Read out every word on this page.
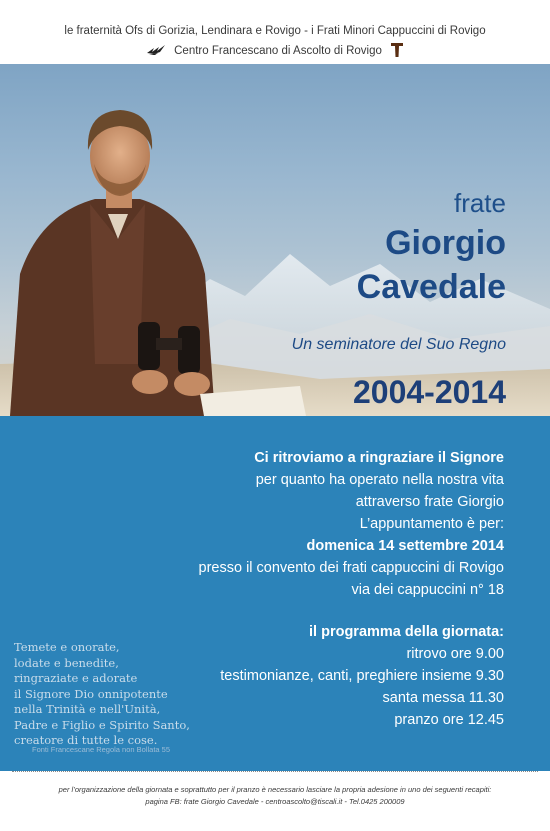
le fraternità Ofs di Gorizia, Lendinara e Rovigo - i Frati Minori Cappuccini di Rovigo
Centro Francescano di Ascolto di Rovigo
frate
Giorgio
Cavedale
Un seminatore del Suo Regno
2004-2014
Ci ritroviamo a ringraziare il Signore
per quanto ha operato nella nostra vita
attraverso frate Giorgio
L’appuntamento è per:
domenica 14 settembre 2014
presso il convento dei frati cappuccini di Rovigo
via dei cappuccini n° 18
il programma della giornata:
ritrovo ore 9.00
testimonianze, canti, preghiere insieme 9.30
santa messa 11.30
pranzo ore 12.45
Temete e onorate,
lodate e benedite,
ringraziate e adorate
il Signore Dio onnipotente
nella Trinità e nell'Unità,
Padre e Figlio e Spirito Santo,
creatore di tutte le cose.
Fonti Francescane Regola non Bollata 55
per l’organizzazione della giornata e soprattutto per il pranzo è necessario lasciare la propria adesione in uno dei seguenti recapiti:
pagina FB: frate Giorgio Cavedale - centroascolto@tiscali.it - Tel.0425 200009
